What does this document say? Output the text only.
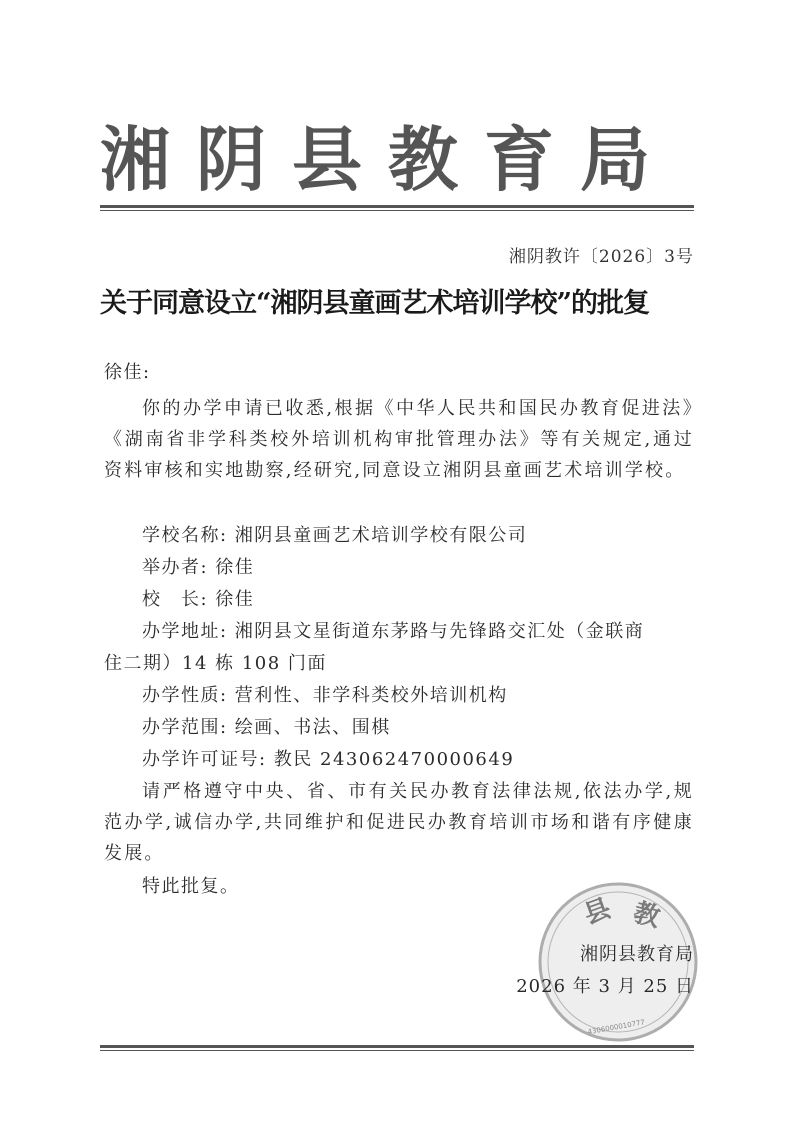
湘阴县教育局
湘阴教许〔2026〕3号
关于同意设立“湘阴县童画艺术培训学校”的批复
徐佳:
你的办学申请已收悉,根据《中华人民共和国民办教育促进法》《湖南省非学科类校外培训机构审批管理办法》等有关规定,通过资料审核和实地勘察,经研究,同意设立湘阴县童画艺术培训学校。
学校名称: 湘阴县童画艺术培训学校有限公司
举办者: 徐佳
校　长: 徐佳
办学地址: 湘阴县文星街道东茅路与先锋路交汇处（金联商
住二期）14 栋 108 门面
办学性质: 营利性、非学科类校外培训机构
办学范围: 绘画、书法、围棋
办学许可证号: 教民 243062470000649
请严格遵守中央、省、市有关民办教育法律法规,依法办学,规范办学,诚信办学,共同维护和促进民办教育培训市场和谐有序健康发展。
特此批复。
县 教
4306000010777
湘阴县教育局
2026 年 3 月 25 日
